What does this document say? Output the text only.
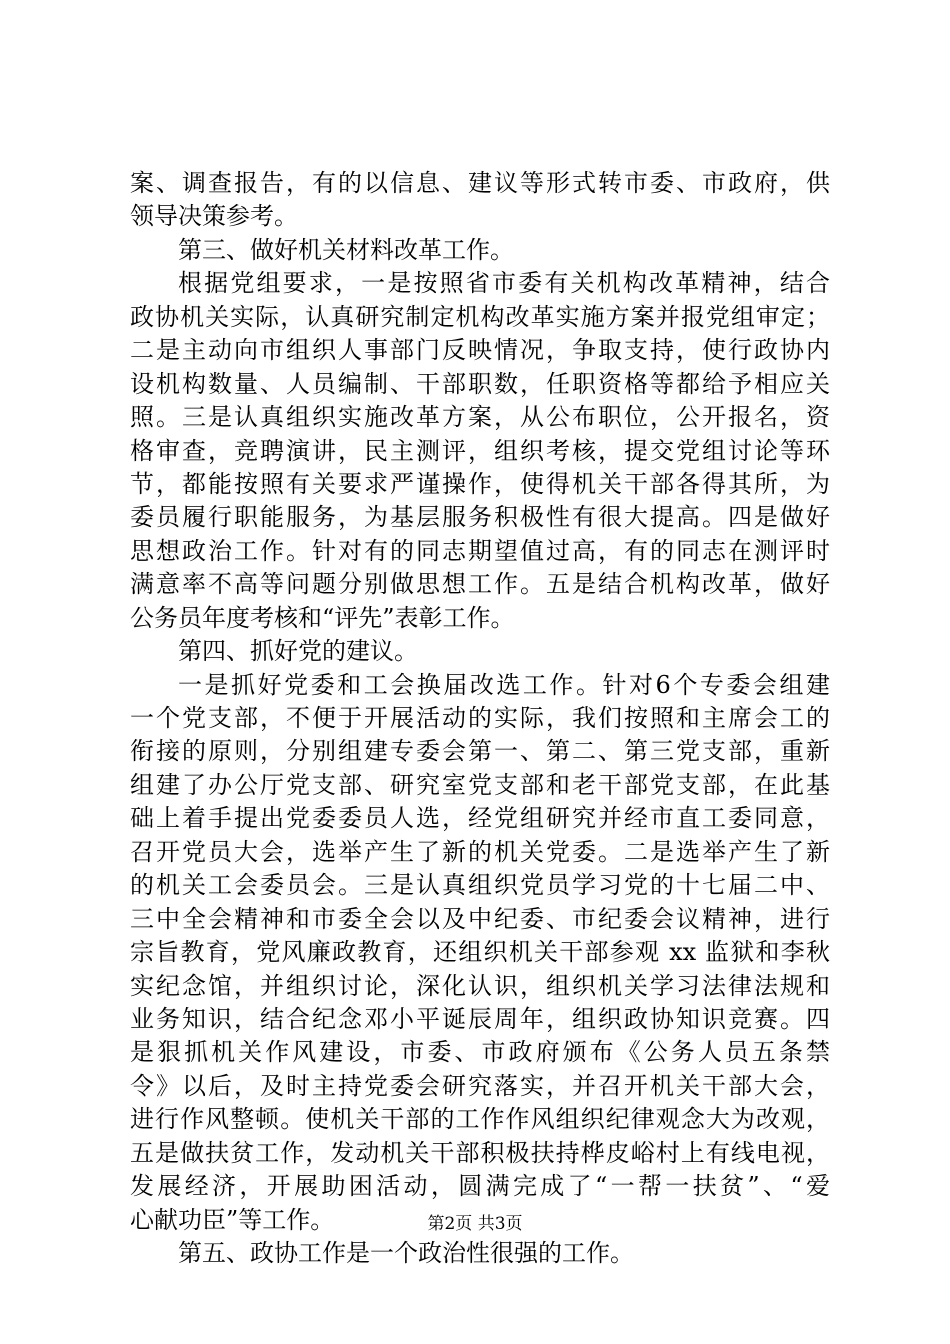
案、调查报告，有的以信息、建议等形式转市委、市政府，供
领导决策参考。
第三、做好机关材料改革工作。
根据党组要求，一是按照省市委有关机构改革精神，结合
政协机关实际，认真研究制定机构改革实施方案并报党组审定；
二是主动向市组织人事部门反映情况，争取支持，使行政协内
设机构数量、人员编制、干部职数，任职资格等都给予相应关
照。三是认真组织实施改革方案，从公布职位，公开报名，资
格审查，竞聘演讲，民主测评，组织考核，提交党组讨论等环
节，都能按照有关要求严谨操作，使得机关干部各得其所，为
委员履行职能服务，为基层服务积极性有很大提高。四是做好
思想政治工作。针对有的同志期望值过高，有的同志在测评时
满意率不高等问题分别做思想工作。五是结合机构改革，做好
公务员年度考核和“评先”表彰工作。
第四、抓好党的建议。
一是抓好党委和工会换届改选工作。针对6个专委会组建
一个党支部，不便于开展活动的实际，我们按照和主席会工的
衔接的原则，分别组建专委会第一、第二、第三党支部，重新
组建了办公厅党支部、研究室党支部和老干部党支部，在此基
础上着手提出党委委员人选，经党组研究并经市直工委同意，
召开党员大会，选举产生了新的机关党委。二是选举产生了新
的机关工会委员会。三是认真组织党员学习党的十七届二中、
三中全会精神和市委全会以及中纪委、市纪委会议精神，进行
宗旨教育，党风廉政教育，还组织机关干部参观 xx 监狱和李秋
实纪念馆，并组织讨论，深化认识，组织机关学习法律法规和
业务知识，结合纪念邓小平诞辰周年，组织政协知识竞赛。四
是狠抓机关作风建设，市委、市政府颁布《公务人员五条禁
令》以后，及时主持党委会研究落实，并召开机关干部大会，
进行作风整顿。使机关干部的工作作风组织纪律观念大为改观，
五是做扶贫工作，发动机关干部积极扶持桦皮峪村上有线电视，
发展经济，开展助困活动，圆满完成了“一帮一扶贫”、“爱
心献功臣”等工作。
第五、政协工作是一个政治性很强的工作。
第2页 共3页
